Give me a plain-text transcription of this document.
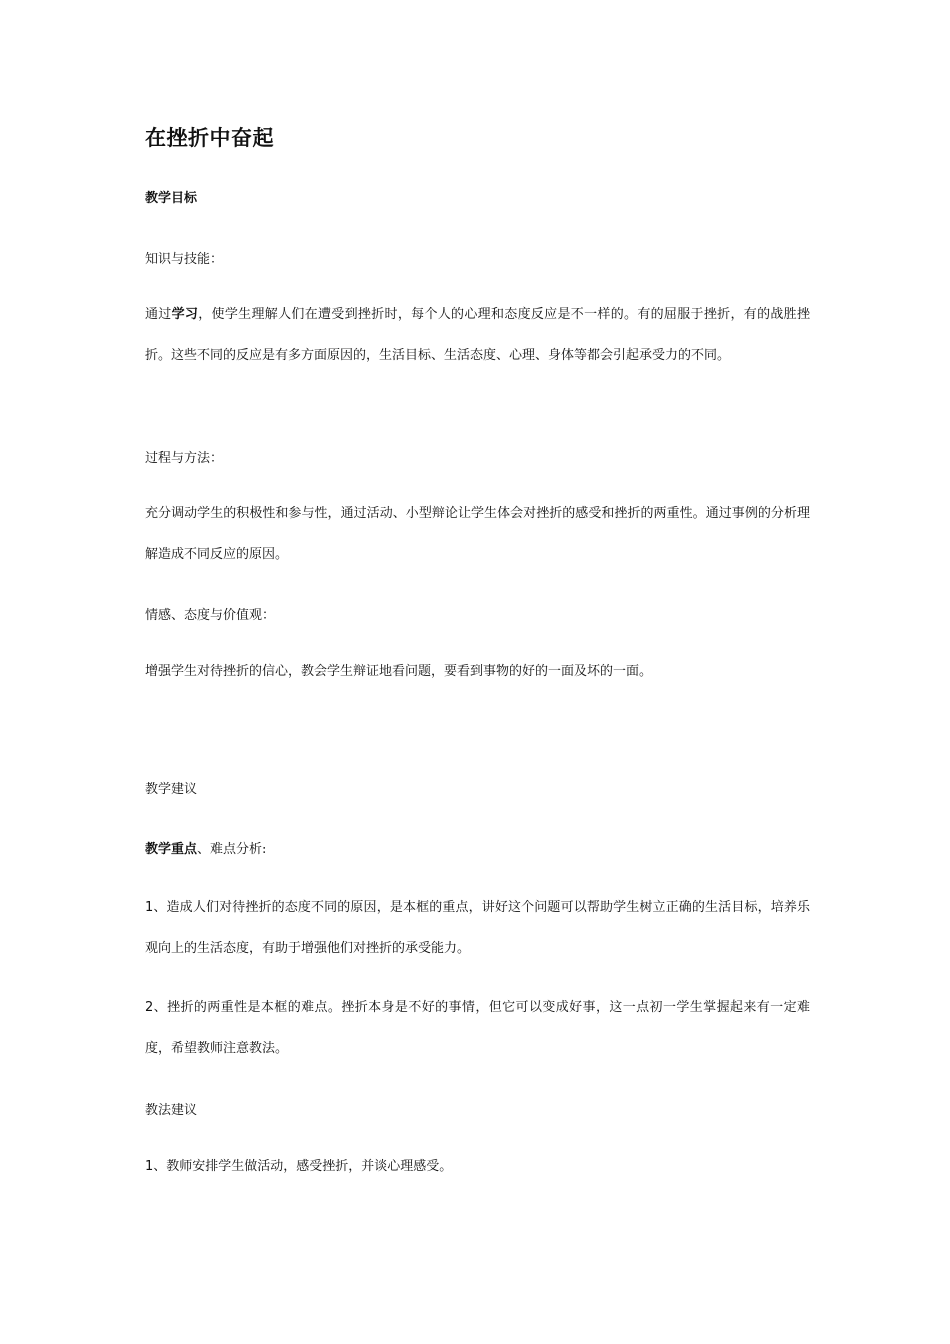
在挫折中奋起

教学目标

知识与技能：

通过学习，使学生理解人们在遭受到挫折时，每个人的心理和态度反应是不一样的。有的屈服于挫折，有的战胜挫折。这些不同的反应是有多方面原因的，生活目标、生活态度、心理、身体等都会引起承受力的不同。

过程与方法：

充分调动学生的积极性和参与性，通过活动、小型辩论让学生体会对挫折的感受和挫折的两重性。通过事例的分析理解造成不同反应的原因。

情感、态度与价值观：

增强学生对待挫折的信心，教会学生辩证地看问题，要看到事物的好的一面及坏的一面。

教学建议

教学重点、难点分析:

1、造成人们对待挫折的态度不同的原因，是本框的重点，讲好这个问题可以帮助学生树立正确的生活目标，培养乐观向上的生活态度，有助于增强他们对挫折的承受能力。

2、挫折的两重性是本框的难点。挫折本身是不好的事情，但它可以变成好事，这一点初一学生掌握起来有一定难度，希望教师注意教法。

教法建议

1、教师安排学生做活动，感受挫折，并谈心理感受。
